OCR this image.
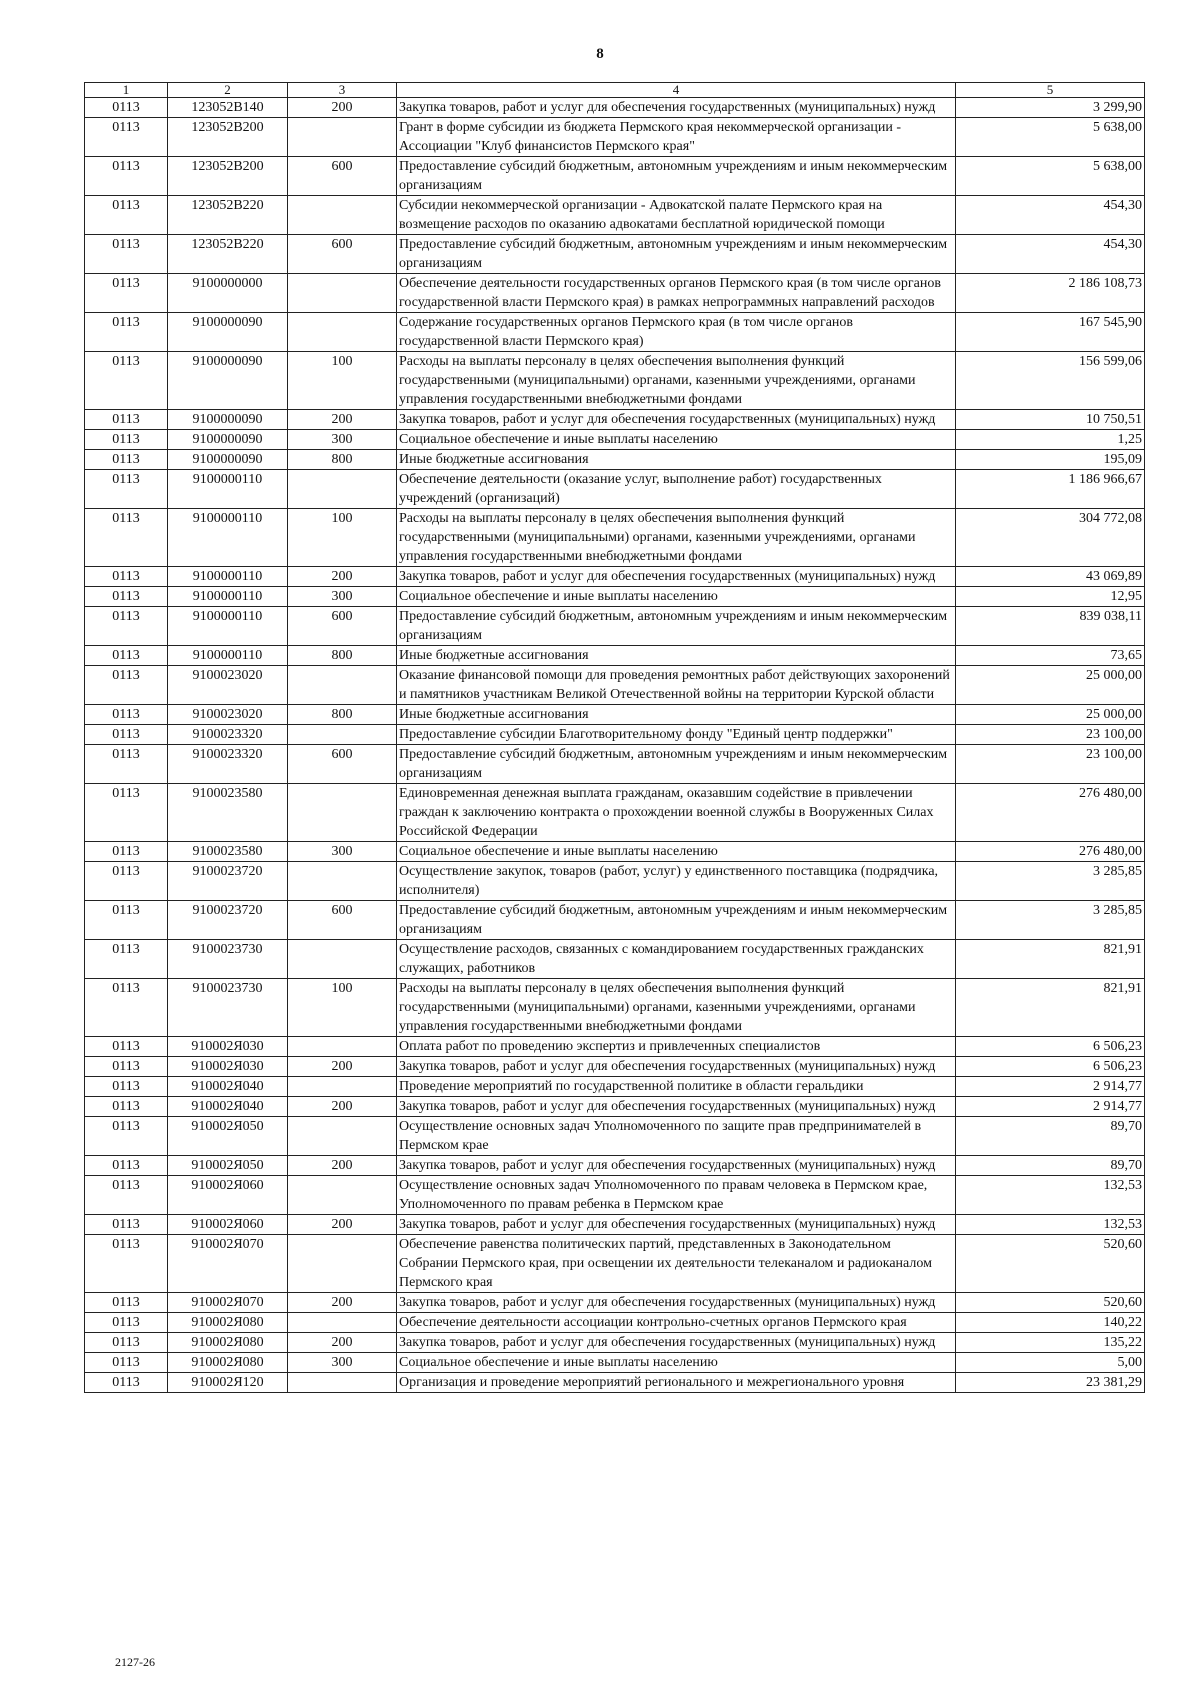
8
1	2	3	4	5
0113	123052В140	200	Закупка товаров, работ и услуг для обеспечения государственных (муниципальных) нужд	3 299,90
0113	123052В200		Грант в форме субсидии из бюджета Пермского края некоммерческой организации - Ассоциации "Клуб финансистов Пермского края"	5 638,00
0113	123052В200	600	Предоставление субсидий бюджетным, автономным учреждениям и иным некоммерческим организациям	5 638,00
0113	123052В220		Субсидии некоммерческой организации - Адвокатской палате Пермского края на возмещение расходов по оказанию адвокатами бесплатной юридической помощи	454,30
0113	123052В220	600	Предоставление субсидий бюджетным, автономным учреждениям и иным некоммерческим организациям	454,30
0113	9100000000		Обеспечение деятельности государственных органов Пермского края (в том числе органов государственной власти Пермского края) в рамках непрограммных направлений расходов	2 186 108,73
0113	9100000090		Содержание государственных органов Пермского края (в том числе органов государственной власти Пермского края)	167 545,90
0113	9100000090	100	Расходы на выплаты персоналу в целях обеспечения выполнения функций государственными (муниципальными) органами, казенными учреждениями, органами управления государственными внебюджетными фондами	156 599,06
0113	9100000090	200	Закупка товаров, работ и услуг для обеспечения государственных (муниципальных) нужд	10 750,51
0113	9100000090	300	Социальное обеспечение и иные выплаты населению	1,25
0113	9100000090	800	Иные бюджетные ассигнования	195,09
0113	9100000110		Обеспечение деятельности (оказание услуг, выполнение работ) государственных учреждений (организаций)	1 186 966,67
0113	9100000110	100	Расходы на выплаты персоналу в целях обеспечения выполнения функций государственными (муниципальными) органами, казенными учреждениями, органами управления государственными внебюджетными фондами	304 772,08
0113	9100000110	200	Закупка товаров, работ и услуг для обеспечения государственных (муниципальных) нужд	43 069,89
0113	9100000110	300	Социальное обеспечение и иные выплаты населению	12,95
0113	9100000110	600	Предоставление субсидий бюджетным, автономным учреждениям и иным некоммерческим организациям	839 038,11
0113	9100000110	800	Иные бюджетные ассигнования	73,65
0113	9100023020		Оказание финансовой помощи для проведения ремонтных работ действующих захоронений и памятников участникам Великой Отечественной войны на территории Курской области	25 000,00
0113	9100023020	800	Иные бюджетные ассигнования	25 000,00
0113	9100023320		Предоставление субсидии Благотворительному фонду "Единый центр поддержки"	23 100,00
0113	9100023320	600	Предоставление субсидий бюджетным, автономным учреждениям и иным некоммерческим организациям	23 100,00
0113	9100023580		Единовременная денежная выплата гражданам, оказавшим содействие в привлечении граждан к заключению контракта о прохождении военной службы в Вооруженных Силах Российской Федерации	276 480,00
0113	9100023580	300	Социальное обеспечение и иные выплаты населению	276 480,00
0113	9100023720		Осуществление закупок, товаров (работ, услуг) у единственного поставщика (подрядчика, исполнителя)	3 285,85
0113	9100023720	600	Предоставление субсидий бюджетным, автономным учреждениям и иным некоммерческим организациям	3 285,85
0113	9100023730		Осуществление расходов, связанных с командированием государственных гражданских служащих, работников	821,91
0113	9100023730	100	Расходы на выплаты персоналу в целях обеспечения выполнения функций государственными (муниципальными) органами, казенными учреждениями, органами управления государственными внебюджетными фондами	821,91
0113	910002Я030		Оплата работ по проведению экспертиз и привлеченных специалистов	6 506,23
0113	910002Я030	200	Закупка товаров, работ и услуг для обеспечения государственных (муниципальных) нужд	6 506,23
0113	910002Я040		Проведение мероприятий по государственной политике в области геральдики	2 914,77
0113	910002Я040	200	Закупка товаров, работ и услуг для обеспечения государственных (муниципальных) нужд	2 914,77
0113	910002Я050		Осуществление основных задач Уполномоченного по защите прав предпринимателей в Пермском крае	89,70
0113	910002Я050	200	Закупка товаров, работ и услуг для обеспечения государственных (муниципальных) нужд	89,70
0113	910002Я060		Осуществление основных задач Уполномоченного по правам человека в Пермском крае, Уполномоченного по правам ребенка в Пермском крае	132,53
0113	910002Я060	200	Закупка товаров, работ и услуг для обеспечения государственных (муниципальных) нужд	132,53
0113	910002Я070		Обеспечение равенства политических партий, представленных в Законодательном Собрании Пермского края, при освещении их деятельности телеканалом и радиоканалом Пермского края	520,60
0113	910002Я070	200	Закупка товаров, работ и услуг для обеспечения государственных (муниципальных) нужд	520,60
0113	910002Я080		Обеспечение деятельности ассоциации контрольно-счетных органов Пермского края	140,22
0113	910002Я080	200	Закупка товаров, работ и услуг для обеспечения государственных (муниципальных) нужд	135,22
0113	910002Я080	300	Социальное обеспечение и иные выплаты населению	5,00
0113	910002Я120		Организация и проведение мероприятий регионального и межрегионального уровня	23 381,29
2127-26
